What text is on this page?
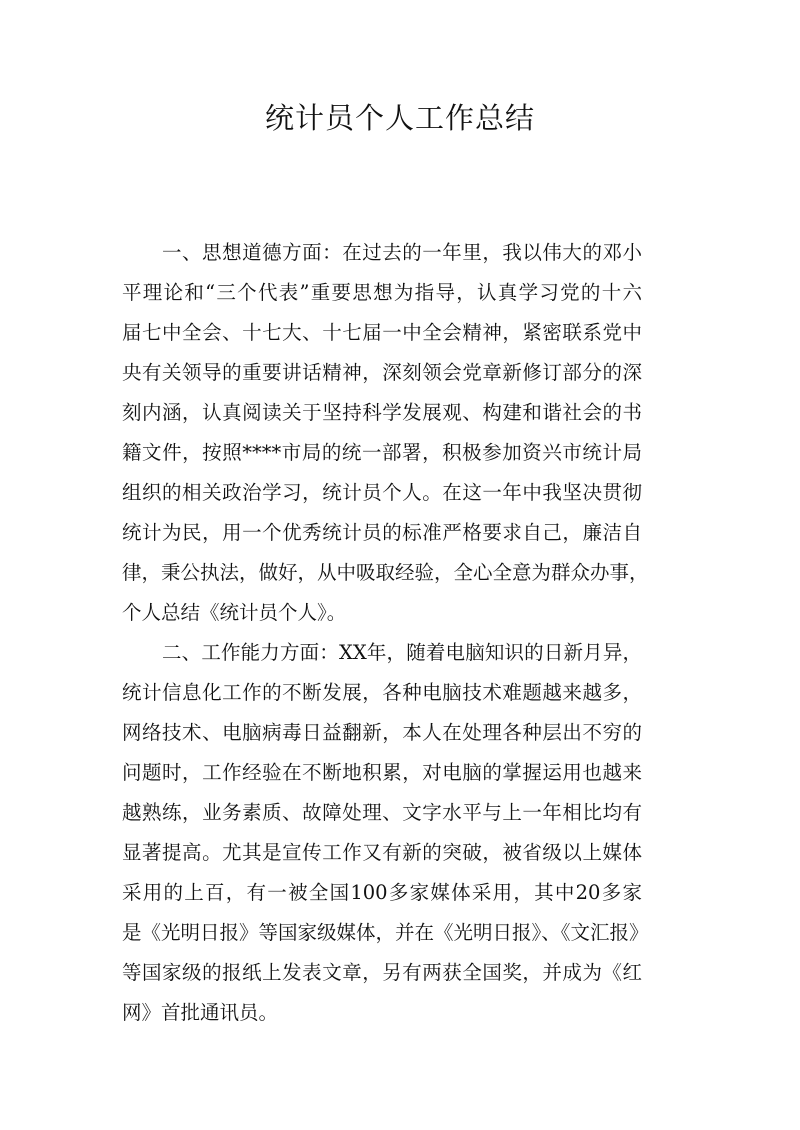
统计员个人工作总结
一、思想道德方面：在过去的一年里，我以伟大的邓小
平理论和“三个代表”重要思想为指导，认真学习党的十六
届七中全会、十七大、十七届一中全会精神，紧密联系党中
央有关领导的重要讲话精神，深刻领会党章新修订部分的深
刻内涵，认真阅读关于坚持科学发展观、构建和谐社会的书
籍文件，按照****市局的统一部署，积极参加资兴市统计局
组织的相关政治学习，统计员个人。在这一年中我坚决贯彻
统计为民，用一个优秀统计员的标准严格要求自己，廉洁自
律，秉公执法，做好，从中吸取经验，全心全意为群众办事，
个人总结《统计员个人》。
二、工作能力方面：XX年，随着电脑知识的日新月异，
统计信息化工作的不断发展，各种电脑技术难题越来越多，
网络技术、电脑病毒日益翻新，本人在处理各种层出不穷的
问题时，工作经验在不断地积累，对电脑的掌握运用也越来
越熟练，业务素质、故障处理、文字水平与上一年相比均有
显著提高。尤其是宣传工作又有新的突破，被省级以上媒体
采用的上百，有一被全国100多家媒体采用，其中20多家
是《光明日报》等国家级媒体，并在《光明日报》、《文汇报》
等国家级的报纸上发表文章，另有两获全国奖，并成为《红
网》首批通讯员。
